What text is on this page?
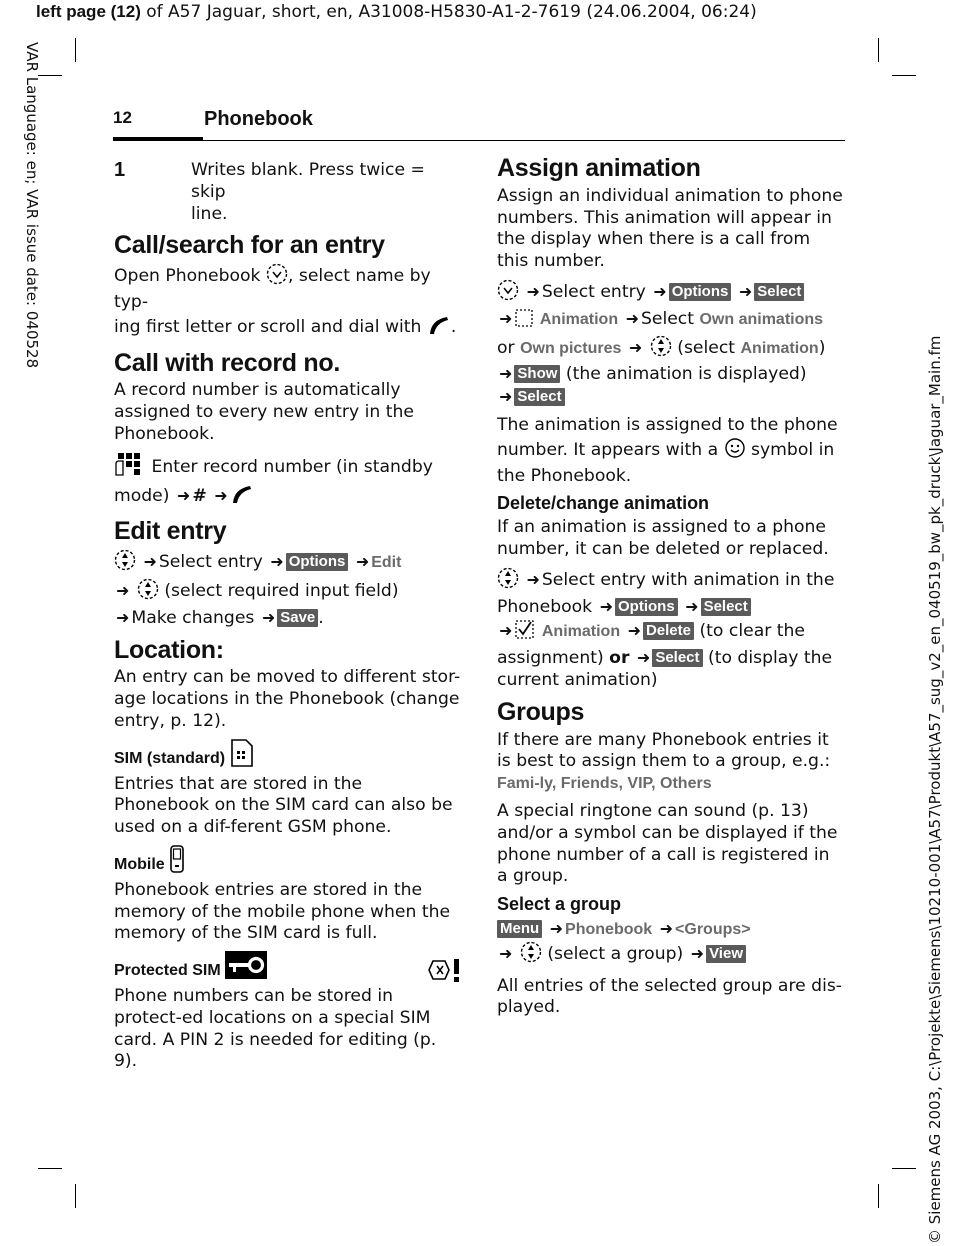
left page (12) of A57 Jaguar, short, en, A31008-H5830-A1-2-7619 (24.06.2004, 06:24)
VAR Language: en; VAR issue date: 040528
© Siemens AG 2003, C:\Projekte\Siemens\10210-001\A57\Produkt\A57_sug_v2_en_040519_bw_pk_druck\Jaguar_Main.fm
12	Phonebook
1	Writes blank. Press twice = skip
line.
Call/search for an entry

Open Phonebook , select name by typ-
ing first letter or scroll and dial with .

Call with record no.

A record number is automatically assigned to every new entry in the Phonebook.

Enter record number (in standby mode) ➜ # ➜

Edit entry

➜ Select entry ➜ Options ➜ Edit
➜ (select required input field)
➜ Make changes ➜ Save .

Location:

An entry can be moved to different stor-age locations in the Phonebook (change entry, p. 12).

SIM (standard)

Entries that are stored in the Phonebook on the SIM card can also be used on a dif-ferent GSM phone.

Mobile

Phonebook entries are stored in the memory of the mobile phone when the memory of the SIM card is full.

Protected SIM

Phone numbers can be stored in protect-ed locations on a special SIM card. A PIN 2 is needed for editing (p. 9).

Assign animation

Assign an individual animation to phone numbers. This animation will appear in the display when there is a call from this number.

➜ Select entry ➜ Options ➜ Select
➜ Animation ➜ Select Own animations
or Own pictures ➜ (select Animation)
➜ Show (the animation is displayed)
➜ Select

The animation is assigned to the phone number. It appears with a  symbol in the Phonebook.

Delete/change animation

If an animation is assigned to a phone number, it can be deleted or replaced.

➜ Select entry with animation in the Phonebook ➜ Options ➜ Select
➜ Animation ➜ Delete (to clear the assignment) or ➜ Select (to display the current animation)

Groups

If there are many Phonebook entries it is best to assign them to a group, e.g.: Fami-ly, Friends, VIP, Others

A special ringtone can sound (p. 13) and/or a symbol can be displayed if the phone number of a call is registered in a group.

Select a group

Menu ➜ Phonebook ➜ <Groups>
➜ (select a group) ➜ View

All entries of the selected group are dis-played.
